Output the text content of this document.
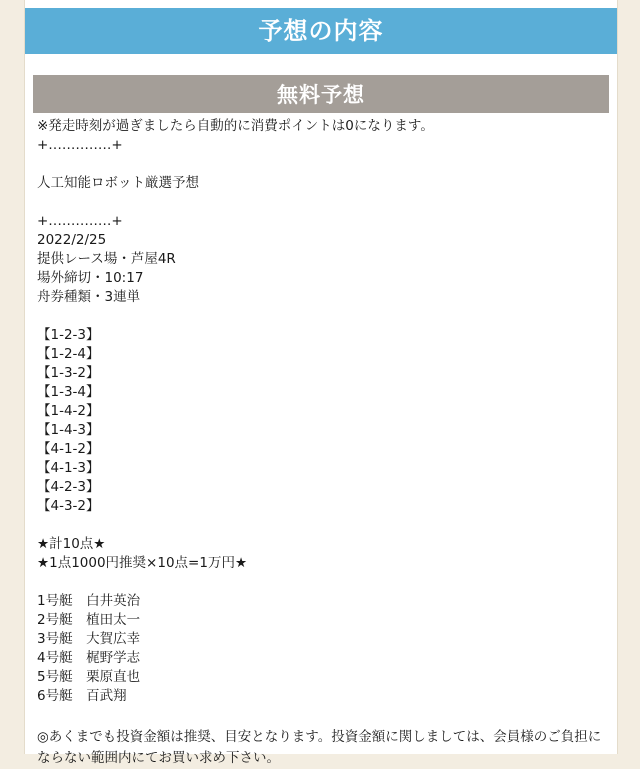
予想の内容
無料予想
※発走時刻が過ぎましたら自動的に消費ポイントは0になります。
+‥‥‥‥‥‥‥+
人工知能ロボット厳選予想
+‥‥‥‥‥‥‥+
2022/2/25
提供レース場・芦屋4R
場外締切・10:17
舟券種類・3連単
【1-2-3】
【1-2-4】
【1-3-2】
【1-3-4】
【1-4-2】
【1-4-3】
【4-1-2】
【4-1-3】
【4-2-3】
【4-3-2】
★計10点★
★1点1000円推奨×10点=1万円★
1号艇　白井英治
2号艇　植田太一
3号艇　大賀広幸
4号艇　梶野学志
5号艇　栗原直也
6号艇　百武翔
◎あくまでも投資金額は推奨、目安となります。投資金額に関しましては、会員様のご負担にならない範囲内にてお買い求め下さい。
